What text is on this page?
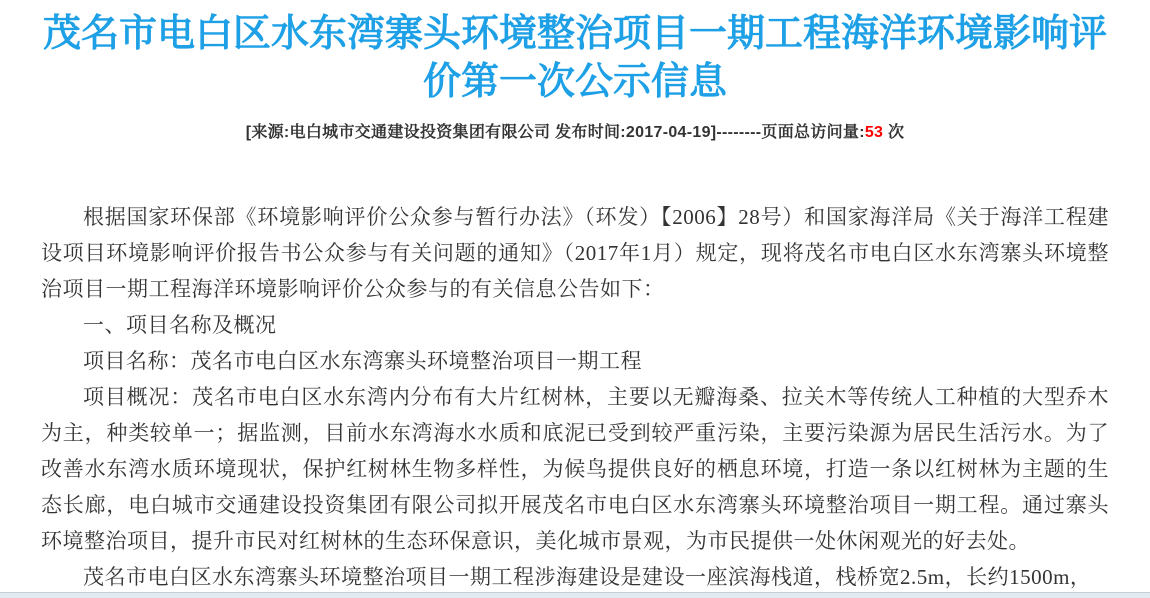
茂名市电白区水东湾寨头环境整治项目一期工程海洋环境影响评价第一次公示信息
[来源:电白城市交通建设投资集团有限公司 发布时间:2017-04-19]--------页面总访问量:53 次

根据国家环保部《环境影响评价公众参与暂行办法》（环发）【2006】28号）和国家海洋局《关于海洋工程建设项目环境影响评价报告书公众参与有关问题的通知》（2017年1月）规定，现将茂名市电白区水东湾寨头环境整治项目一期工程海洋环境影响评价公众参与的有关信息公告如下：

一、项目名称及概况

项目名称：茂名市电白区水东湾寨头环境整治项目一期工程

项目概况：茂名市电白区水东湾内分布有大片红树林，主要以无瓣海桑、拉关木等传统人工种植的大型乔木为主，种类较单一；据监测，目前水东湾海水水质和底泥已受到较严重污染，主要污染源为居民生活污水。为了改善水东湾水质环境现状，保护红树林生物多样性，为候鸟提供良好的栖息环境，打造一条以红树林为主题的生态长廊，电白城市交通建设投资集团有限公司拟开展茂名市电白区水东湾寨头环境整治项目一期工程。通过寨头环境整治项目，提升市民对红树林的生态环保意识，美化城市景观，为市民提供一处休闲观光的好去处。

茂名市电白区水东湾寨头环境整治项目一期工程涉海建设是建设一座滨海栈道，栈桥宽2.5m，长约1500m，
